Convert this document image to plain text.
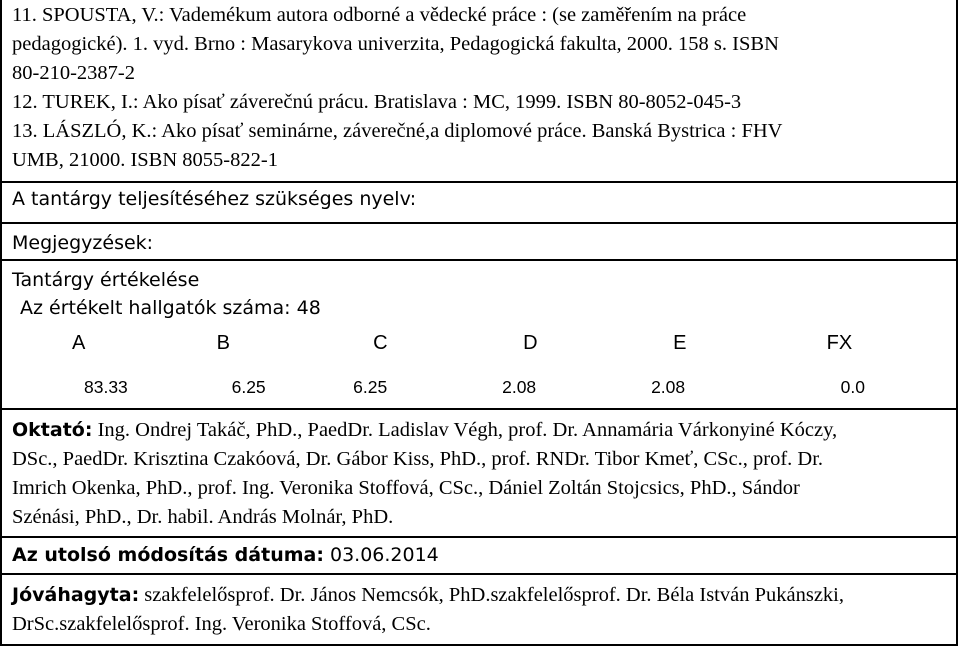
11. SPOUSTA, V.: Vademékum autora odborné a vědecké práce : (se zaměřením na práce
pedagogické). 1. vyd. Brno : Masarykova univerzita, Pedagogická fakulta, 2000. 158 s. ISBN
80-210-2387-2
12. TUREK, I.: Ako písať záverečnú prácu. Bratislava : MC, 1999. ISBN 80-8052-045-3
13. LÁSZLÓ, K.: Ako písať seminárne, záverečné,a diplomové práce. Banská Bystrica : FHV
UMB, 21000. ISBN 8055-822-1
A tantárgy teljesítéséhez szükséges nyelv:
Megjegyzések:
Tantárgy értékelése
Az értékelt hallgatók száma: 48
A	B	C	D	E	FX
83.33	6.25	6.25	2.08	2.08	0.0
Oktató: Ing. Ondrej Takáč, PhD., PaedDr. Ladislav Végh, prof. Dr. Annamária Várkonyiné Kóczy,
DSc., PaedDr. Krisztina Czakóová, Dr. Gábor Kiss, PhD., prof. RNDr. Tibor Kmeť, CSc., prof. Dr.
Imrich Okenka, PhD., prof. Ing. Veronika Stoffová, CSc., Dániel Zoltán Stojcsics, PhD., Sándor
Szénási, PhD., Dr. habil. András Molnár, PhD.
Az utolsó módosítás dátuma: 03.06.2014
Jóváhagyta: szakfelelősprof. Dr. János Nemcsók, PhD.szakfelelősprof. Dr. Béla István Pukánszki,
DrSc.szakfelelősprof. Ing. Veronika Stoffová, CSc.
